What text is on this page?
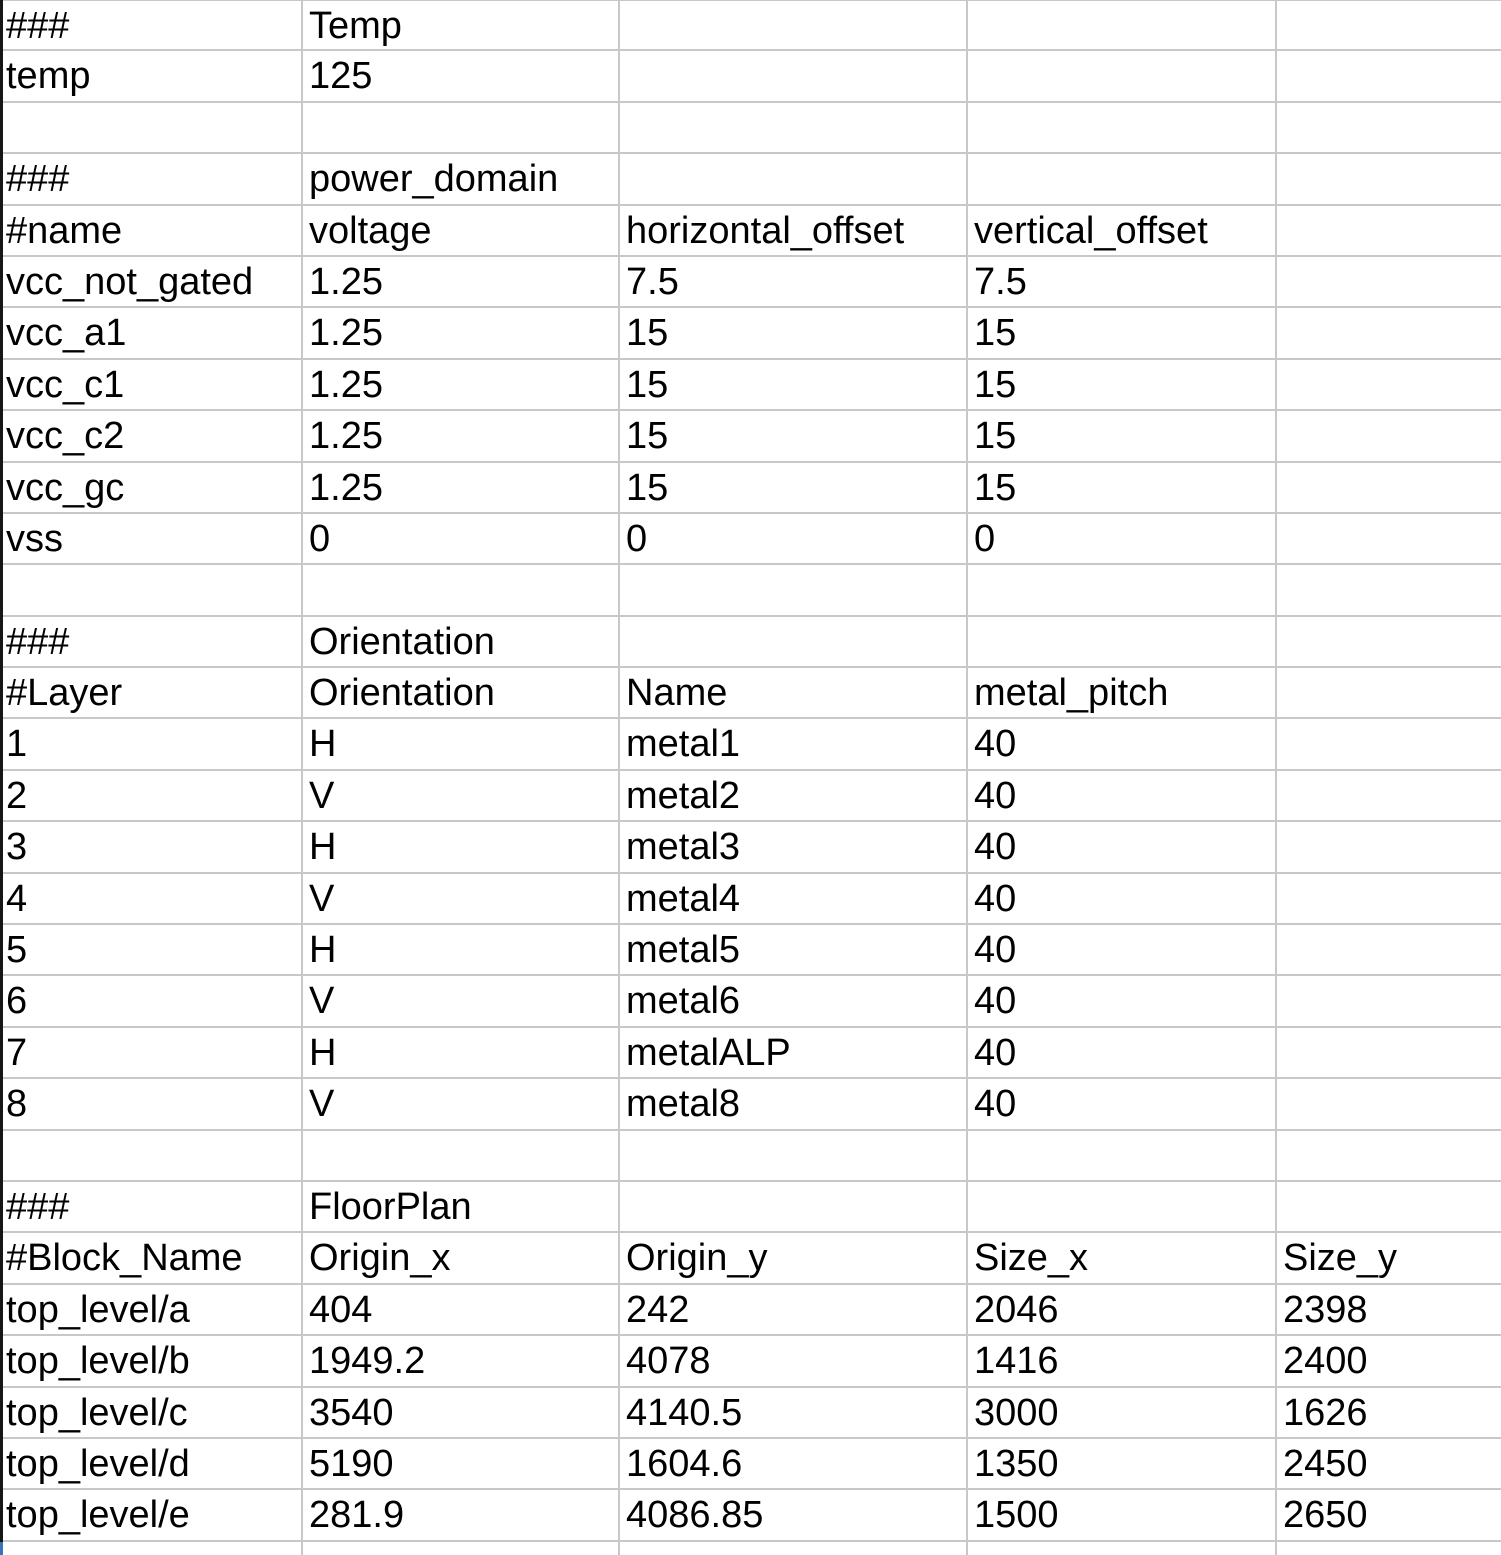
###	Temp
temp	125
###	power_domain
#name	voltage	horizontal_offset	vertical_offset
vcc_not_gated	1.25	7.5	7.5
vcc_a1	1.25	15	15
vcc_c1	1.25	15	15
vcc_c2	1.25	15	15
vcc_gc	1.25	15	15
vss	0	0	0
###	Orientation
#Layer	Orientation	Name	metal_pitch
1	H	metal1	40
2	V	metal2	40
3	H	metal3	40
4	V	metal4	40
5	H	metal5	40
6	V	metal6	40
7	H	metalALP	40
8	V	metal8	40
###	FloorPlan
#Block_Name	Origin_x	Origin_y	Size_x	Size_y
top_level/a	404	242	2046	2398
top_level/b	1949.2	4078	1416	2400
top_level/c	3540	4140.5	3000	1626
top_level/d	5190	1604.6	1350	2450
top_level/e	281.9	4086.85	1500	2650
